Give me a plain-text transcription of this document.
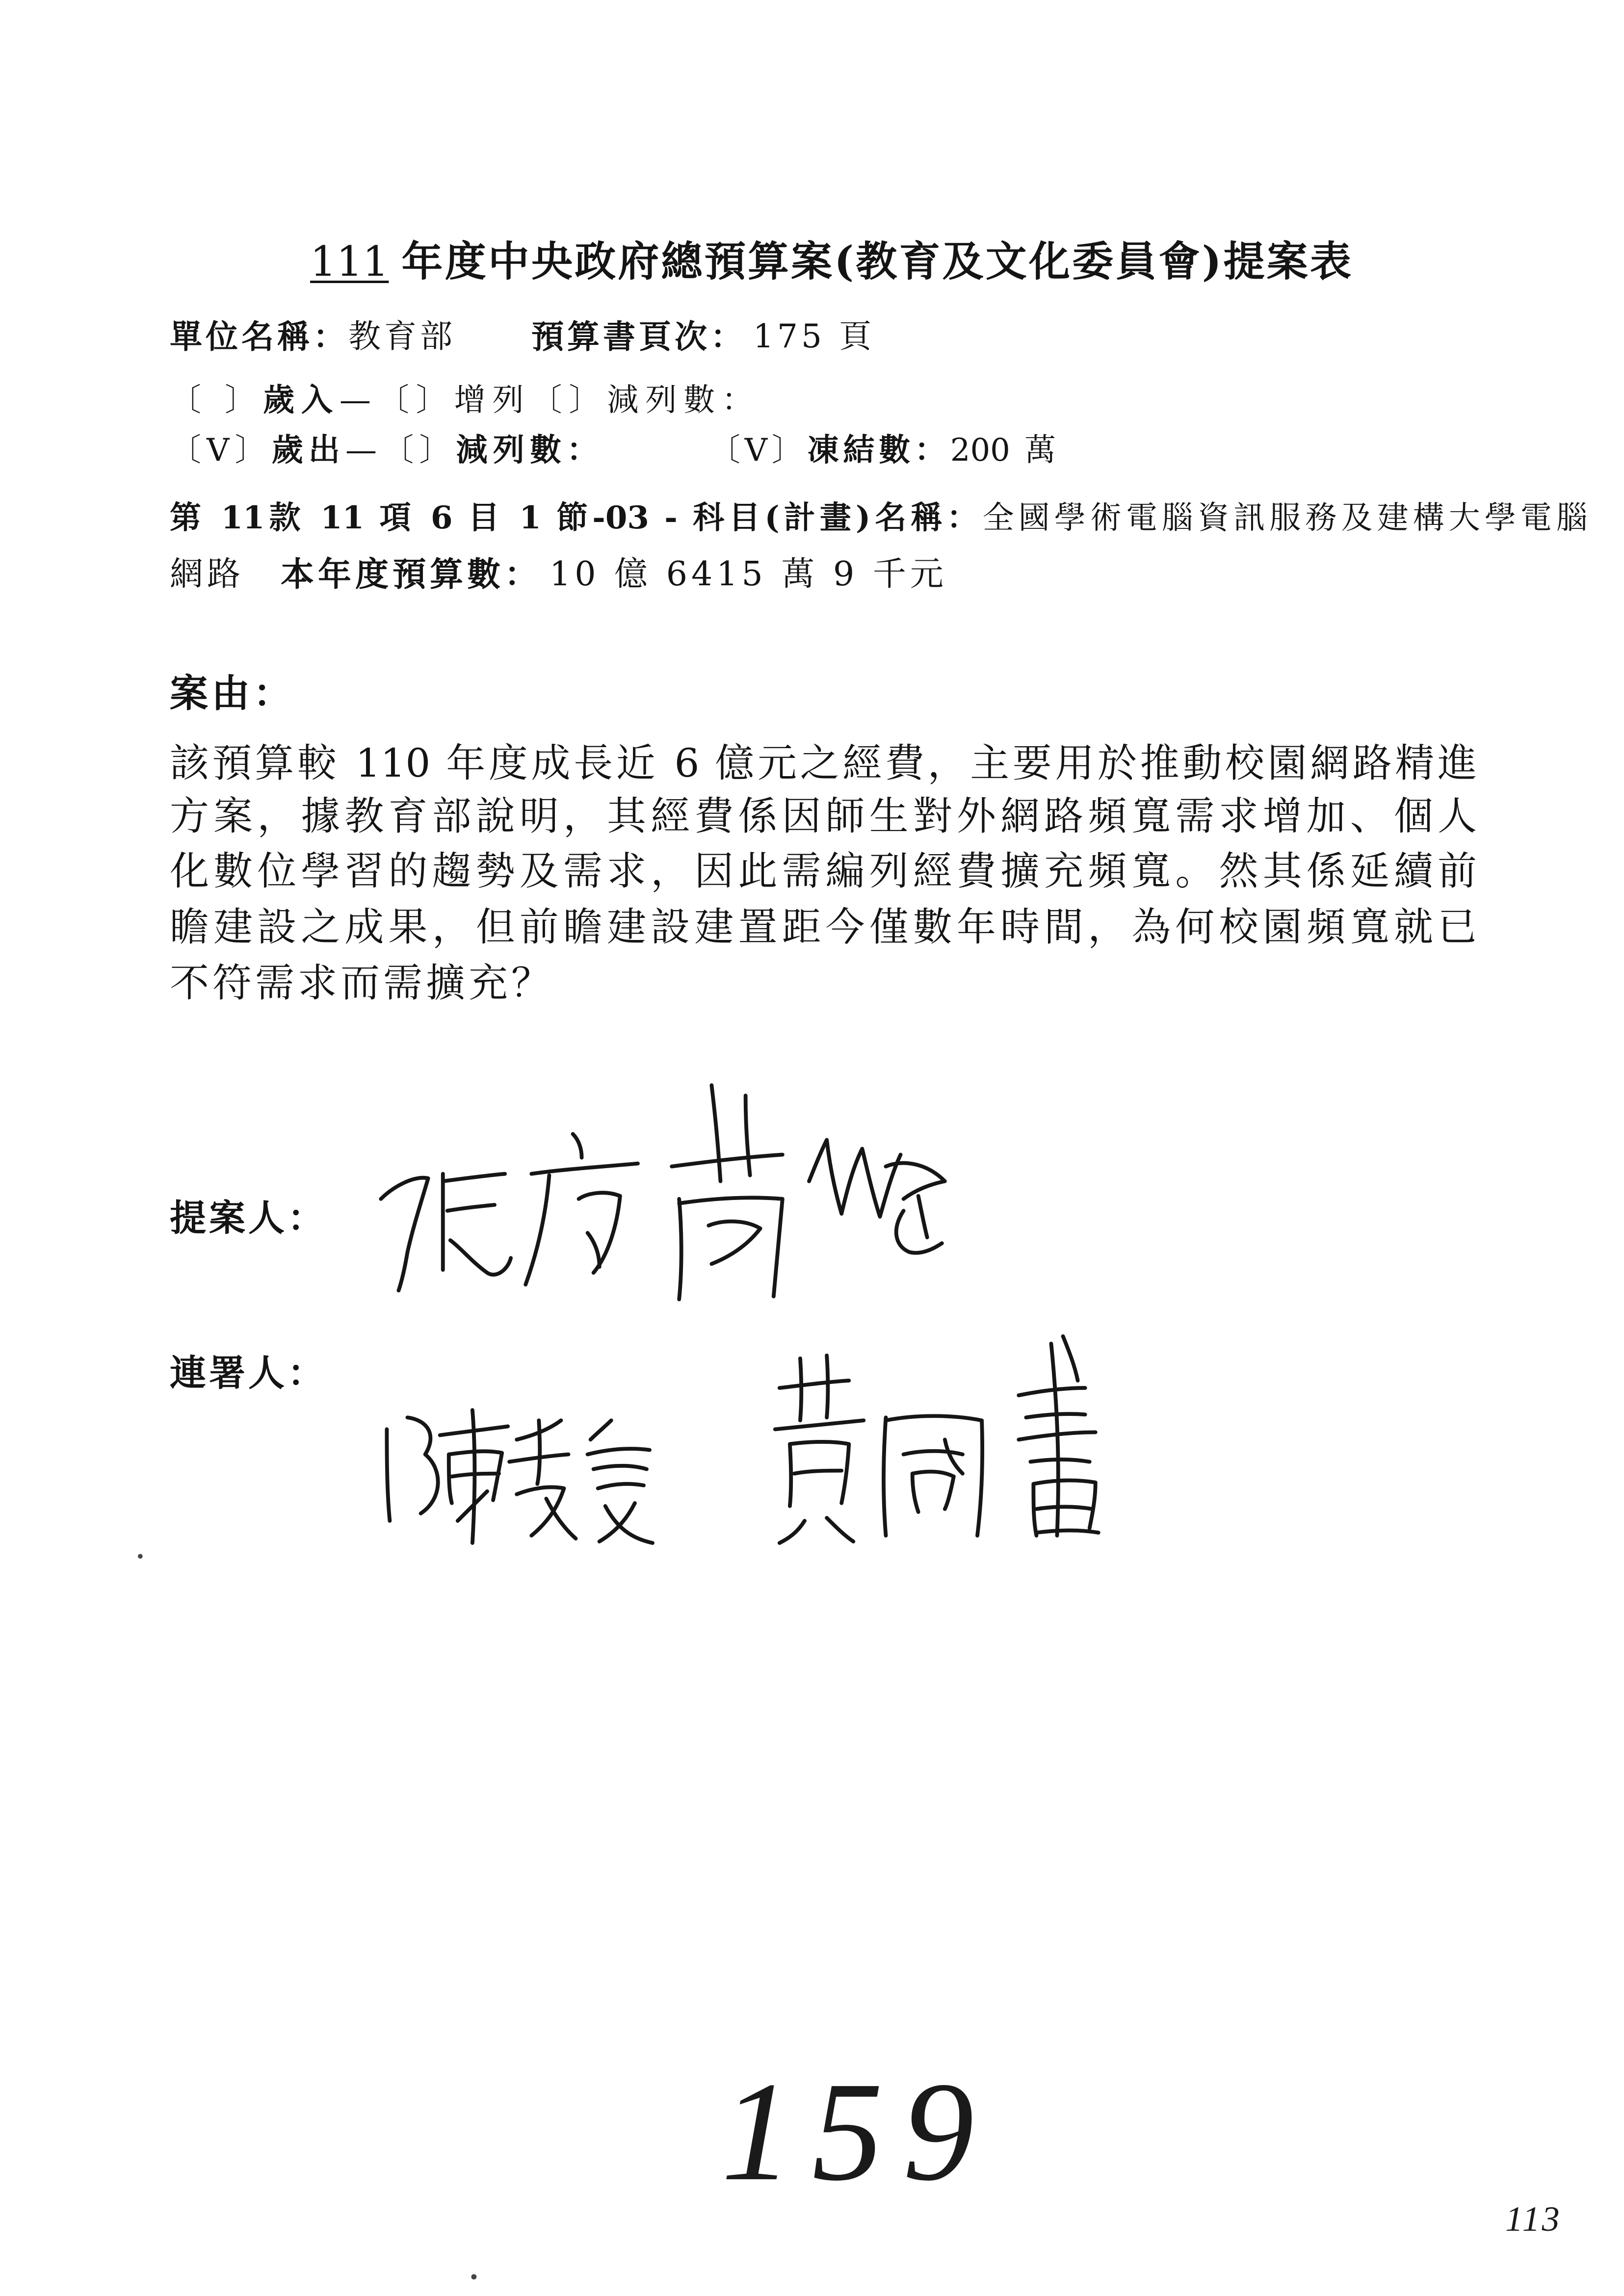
111 年度中央政府總預算案(教育及文化委員會)提案表
單位名稱： 教育部 預算書頁次： 175 頁
〔 〕歲入—〔〕增列〔〕減列數：
〔V〕歲出—〔〕減列數：	〔V〕凍結數：200 萬
第 11款 11 項 6 目 1 節-03 - 科目(計畫)名稱：全國學術電腦資訊服務及建構大學電腦
網路 本年度預算數： 10 億 6415 萬 9 千元
案由：
該預算較 110 年度成長近 6 億元之經費，主要用於推動校園網路精進
方案，據教育部說明，其經費係因師生對外網路頻寬需求增加、個人
化數位學習的趨勢及需求，因此需編列經費擴充頻寬。然其係延續前
瞻建設之成果，但前瞻建設建置距今僅數年時間，為何校園頻寬就已
不符需求而需擴充？
提案人：
連署人：
159
113
